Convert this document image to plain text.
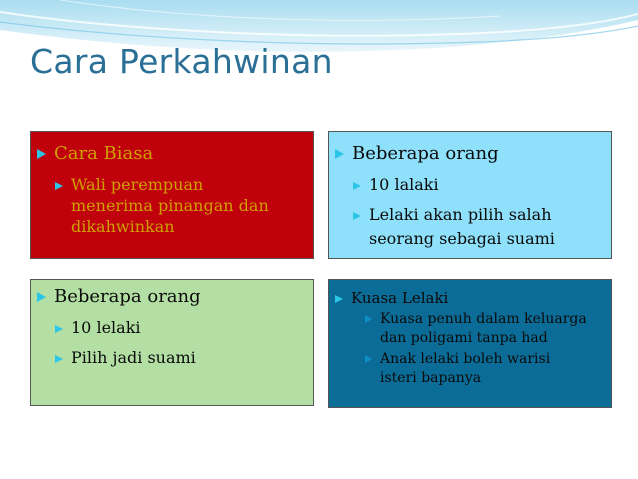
Cara Perkahwinan
Cara Biasa
Wali perempuan
menerima pinangan dan
dikahwinkan
Beberapa orang
10 lalaki
Lelaki akan pilih salah
seorang sebagai suami
Beberapa orang
10 lelaki
Pilih jadi suami
Kuasa Lelaki
Kuasa penuh dalam keluarga
dan poligami tanpa had
Anak lelaki boleh warisi
isteri bapanya
